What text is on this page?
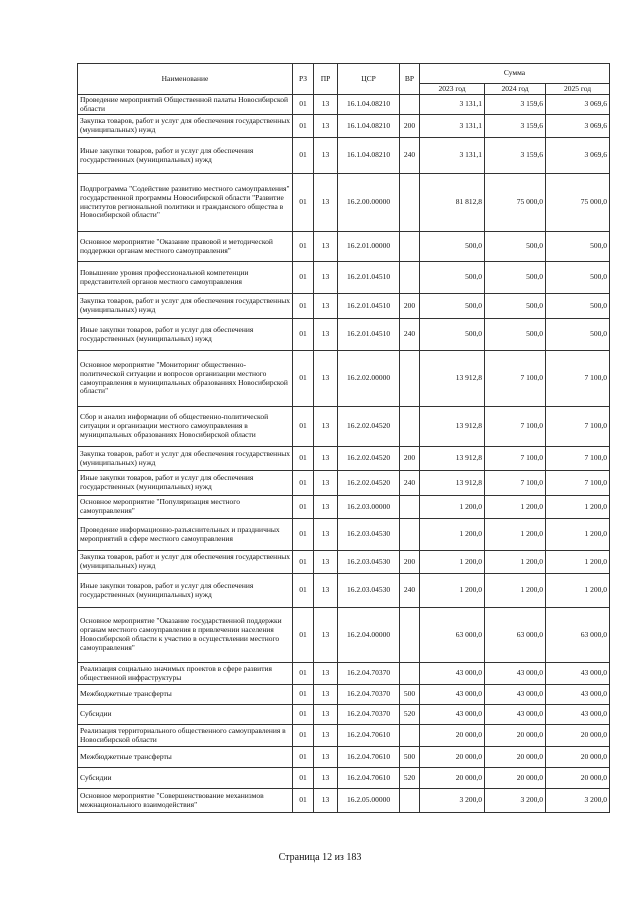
Наименование	РЗ	ПР	ЦСР	ВР	Сумма		
					2023 год	2024 год	2025 год
Проведение мероприятий Общественной палаты Новосибирской области	01	13	16.1.04.08210		3 131,1	3 159,6	3 069,6
Закупка товаров, работ и услуг для обеспечения государственных (муниципальных) нужд	01	13	16.1.04.08210	200	3 131,1	3 159,6	3 069,6
Иные закупки товаров, работ и услуг для обеспечения государственных (муниципальных) нужд	01	13	16.1.04.08210	240	3 131,1	3 159,6	3 069,6
Подпрограмма "Содействие развитию местного самоуправления" государственной программы Новосибирской области "Развитие институтов региональной политики и гражданского общества в Новосибирской области"	01	13	16.2.00.00000		81 812,8	75 000,0	75 000,0
Основное мероприятие "Оказание правовой и методической поддержки органам местного самоуправления"	01	13	16.2.01.00000		500,0	500,0	500,0
Повышение уровня профессиональной компетенции представителей органов местного самоуправления	01	13	16.2.01.04510		500,0	500,0	500,0
Закупка товаров, работ и услуг для обеспечения государственных (муниципальных) нужд	01	13	16.2.01.04510	200	500,0	500,0	500,0
Иные закупки товаров, работ и услуг для обеспечения государственных (муниципальных) нужд	01	13	16.2.01.04510	240	500,0	500,0	500,0
Основное мероприятие "Мониторинг общественно-политической ситуации и вопросов организации местного самоуправления в муниципальных образованиях Новосибирской области"	01	13	16.2.02.00000		13 912,8	7 100,0	7 100,0
Сбор и анализ информации об общественно-политической ситуации и организации местного самоуправления в муниципальных образованиях Новосибирской области	01	13	16.2.02.04520		13 912,8	7 100,0	7 100,0
Закупка товаров, работ и услуг для обеспечения государственных (муниципальных) нужд	01	13	16.2.02.04520	200	13 912,8	7 100,0	7 100,0
Иные закупки товаров, работ и услуг для обеспечения государственных (муниципальных) нужд	01	13	16.2.02.04520	240	13 912,8	7 100,0	7 100,0
Основное мероприятие "Популяризация местного самоуправления"	01	13	16.2.03.00000		1 200,0	1 200,0	1 200,0
Проведение информационно-разъяснительных и праздничных мероприятий в сфере местного самоуправления	01	13	16.2.03.04530		1 200,0	1 200,0	1 200,0
Закупка товаров, работ и услуг для обеспечения государственных (муниципальных) нужд	01	13	16.2.03.04530	200	1 200,0	1 200,0	1 200,0
Иные закупки товаров, работ и услуг для обеспечения государственных (муниципальных) нужд	01	13	16.2.03.04530	240	1 200,0	1 200,0	1 200,0
Основное мероприятие "Оказание государственной поддержки органам местного самоуправления в привлечении населения Новосибирской области к участию в осуществлении местного самоуправления"	01	13	16.2.04.00000		63 000,0	63 000,0	63 000,0
Реализация социально значимых проектов в сфере развития общественной инфраструктуры	01	13	16.2.04.70370		43 000,0	43 000,0	43 000,0
Межбюджетные трансферты	01	13	16.2.04.70370	500	43 000,0	43 000,0	43 000,0
Субсидии	01	13	16.2.04.70370	520	43 000,0	43 000,0	43 000,0
Реализация территориального общественного самоуправления в Новосибирской области	01	13	16.2.04.70610		20 000,0	20 000,0	20 000,0
Межбюджетные трансферты	01	13	16.2.04.70610	500	20 000,0	20 000,0	20 000,0
Субсидии	01	13	16.2.04.70610	520	20 000,0	20 000,0	20 000,0
Основное мероприятие "Совершенствование механизмов межнационального взаимодействия"	01	13	16.2.05.00000		3 200,0	3 200,0	3 200,0
Страница 12 из 183
